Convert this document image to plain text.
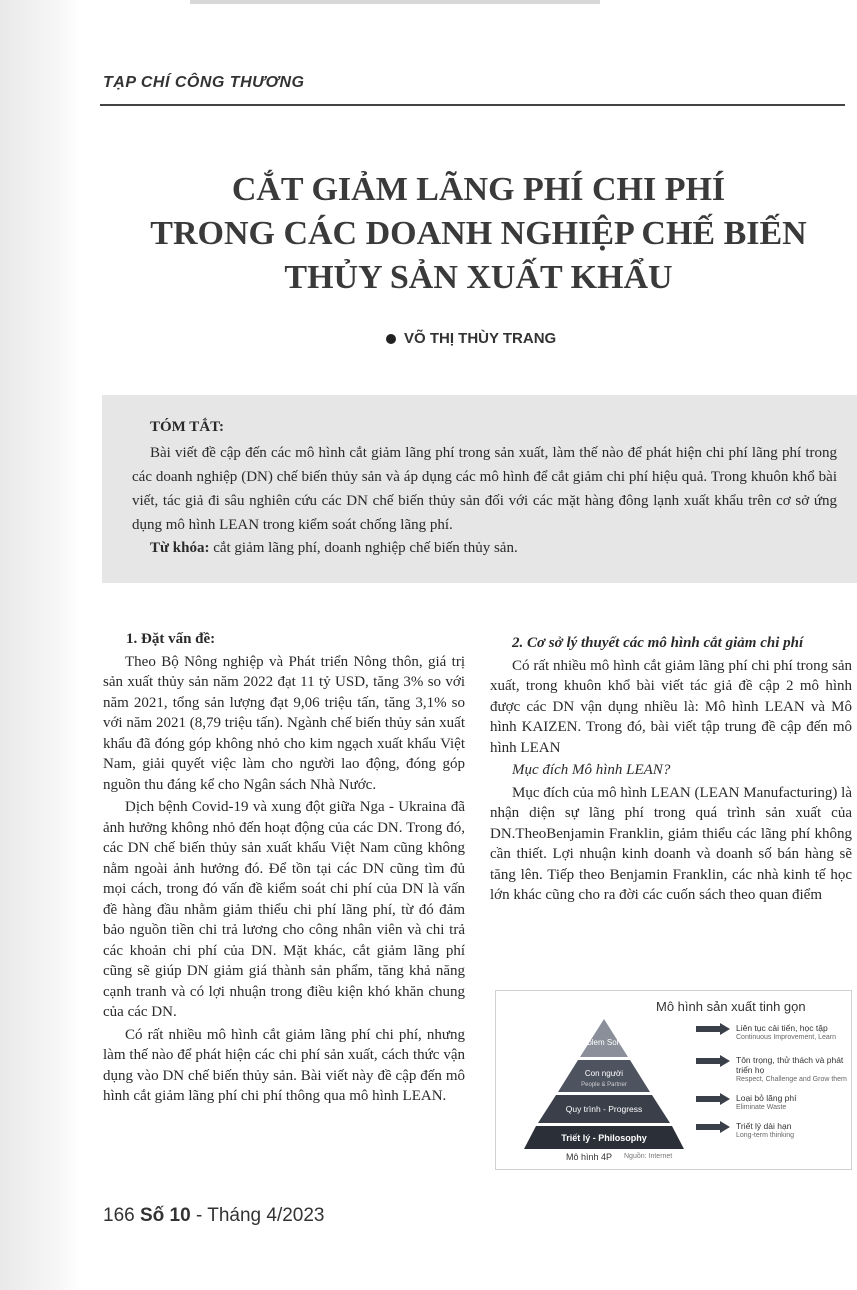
TẠP CHÍ CÔNG THƯƠNG
CẮT GIẢM LÃNG PHÍ CHI PHÍ
TRONG CÁC DOANH NGHIỆP CHẾ BIẾN
THỦY SẢN XUẤT KHẨU
VÕ THỊ THÙY TRANG
TÓM TẮT:

Bài viết đề cập đến các mô hình cắt giảm lãng phí trong sản xuất, làm thế nào để phát hiện chi phí lãng phí trong các doanh nghiệp (DN) chế biến thủy sản và áp dụng các mô hình để cắt giảm chi phí hiệu quả. Trong khuôn khổ bài viết, tác giả đi sâu nghiên cứu các DN chế biến thủy sản đối với các mặt hàng đông lạnh xuất khẩu trên cơ sở ứng dụng mô hình LEAN trong kiểm soát chống lãng phí.

Từ khóa: cắt giảm lãng phí, doanh nghiệp chế biến thủy sản.
1. Đặt vấn đề:

Theo Bộ Nông nghiệp và Phát triển Nông thôn, giá trị sản xuất thủy sản năm 2022 đạt 11 tỷ USD, tăng 3% so với năm 2021, tổng sản lượng đạt 9,06 triệu tấn, tăng 3,1% so với năm 2021 (8,79 triệu tấn). Ngành chế biến thủy sản xuất khẩu đã đóng góp không nhỏ cho kim ngạch xuất khẩu Việt Nam, giải quyết việc làm cho người lao động, đóng góp nguồn thu đáng kể cho Ngân sách Nhà Nước.

Dịch bệnh Covid-19 và xung đột giữa Nga - Ukraina đã ảnh hưởng không nhỏ đến hoạt động của các DN. Trong đó, các DN chế biến thủy sản xuất khẩu Việt Nam cũng không nằm ngoài ảnh hưởng đó. Để tồn tại các DN cũng tìm đủ mọi cách, trong đó vấn đề kiểm soát chi phí của DN là vấn đề hàng đầu nhằm giảm thiểu chi phí lãng phí, từ đó đảm bảo nguồn tiền chi trả lương cho công nhân viên và chi trả các khoản chi phí của DN. Mặt khác, cắt giảm lãng phí cũng sẽ giúp DN giảm giá thành sản phẩm, tăng khả năng cạnh tranh và có lợi nhuận trong điều kiện khó khăn chung của các DN.

Có rất nhiều mô hình cắt giảm lãng phí chi phí, nhưng làm thế nào để phát hiện các chi phí sản xuất, cách thức vận dụng vào DN chế biến thủy sản. Bài viết này đề cập đến mô hình cắt giảm lãng phí chi phí thông qua mô hình LEAN.

2. Cơ sở lý thuyết các mô hình cắt giảm chi phí

Có rất nhiều mô hình cắt giảm lãng phí chi phí trong sản xuất, trong khuôn khổ bài viết tác giả đề cập 2 mô hình được các DN vận dụng nhiều là: Mô hình LEAN và Mô hình KAIZEN. Trong đó, bài viết tập trung đề cập đến mô hình LEAN

Mục đích Mô hình LEAN?

Mục đích của mô hình LEAN (LEAN Manufacturing) là nhận diện sự lãng phí trong quá trình sản xuất của DN.TheoBenjamin Franklin, giảm thiểu các lãng phí không cần thiết. Lợi nhuận kinh doanh và doanh số bán hàng sẽ tăng lên. Tiếp theo Benjamin Franklin, các nhà kinh tế học lớn khác cũng cho ra đời các cuốn sách theo quan điểm

Mô hình sản xuất tinh gọn
Problem Solving
Con người
People & Partner
Quy trình - Progress
Triết lý - Philosophy
Liên tục cải tiến, học tập
Continuous Improvement, Learn
Tôn trọng, thử thách và phát triển họ
Respect, Challenge and Grow them
Loại bỏ lãng phí
Eliminate Waste
Triết lý dài hạn
Long-term thinking
Mô hình 4P Nguồn: Internet
166 Số 10 - Tháng 4/2023
